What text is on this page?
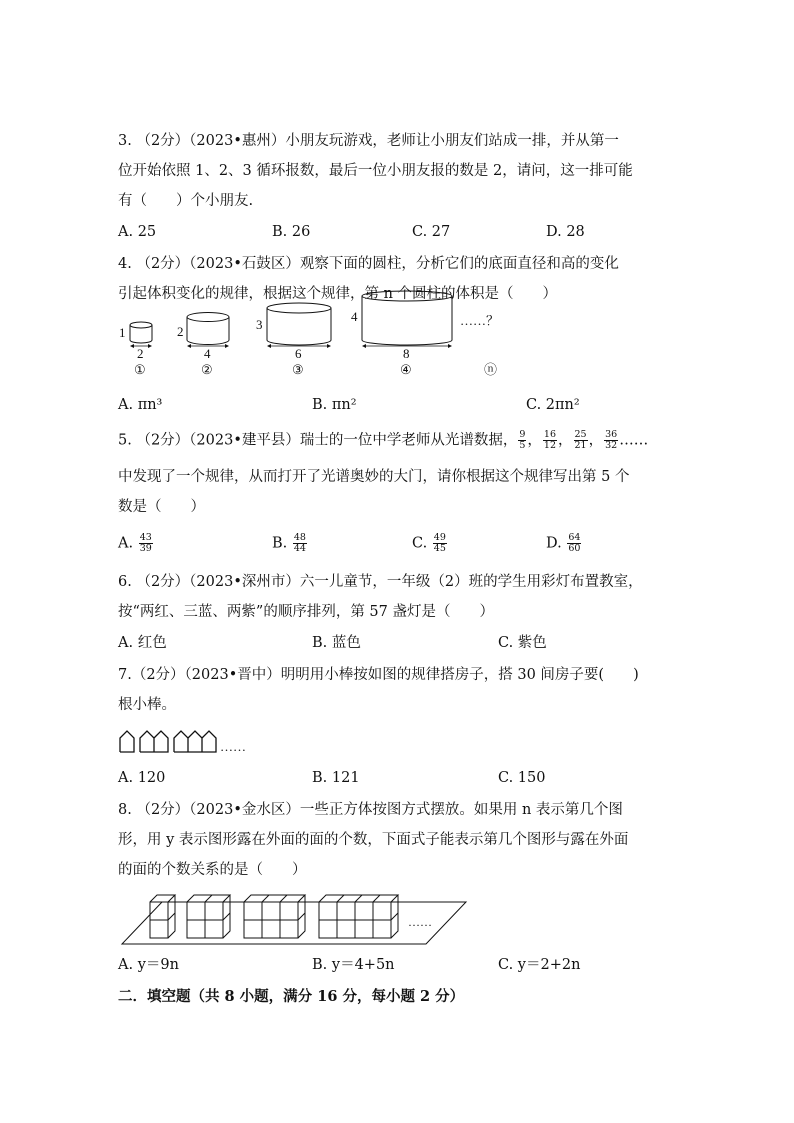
3. （2分）（2023•惠州）小朋友玩游戏，老师让小朋友们站成一排，并从第一
位开始依照 1、2、3 循环报数，最后一位小朋友报的数是 2，请问，这一排可能
有（　　）个小朋友.
A. 25	B. 26	C. 27	D. 28
4. （2分）（2023•石鼓区）观察下面的圆柱，分析它们的底面直径和高的变化
引起体积变化的规律，根据这个规律，第 n 个圆柱的体积是（　　）
1	2	3
4
2	4	6	8
①	②	③	④	ⓝ
……？
A. πn³	B. πn²	C. 2πn²
5. （2分）（2023•建平县）瑞士的一位中学老师从光谱数据， $\frac{9}{5}$ ， $\frac{16}{12}$ ， $\frac{25}{21}$ ， $\frac{36}{32}$ ……
中发现了一个规律，从而打开了光谱奥妙的大门，请你根据这个规律写出第 5 个
数是（　　）
A. $\frac{43}{39}$	B. $\frac{48}{44}$	C. $\frac{49}{45}$	D. $\frac{64}{60}$
6. （2分）（2023•深州市）六一儿童节，一年级（2）班的学生用彩灯布置教室，
按“两红、三蓝、两紫”的顺序排列，第 57 盏灯是（　　）
A. 红色	B. 蓝色	C. 紫色
7.（2分）（2023•晋中）明明用小棒按如图的规律搭房子，搭 30 间房子要(　　)
根小棒。
……
A. 120	B. 121	C. 150
8. （2分）（2023•金水区）一些正方体按图方式摆放。如果用 n 表示第几个图
形，用 y 表示图形露在外面的面的个数，下面式子能表示第几个图形与露在外面
的面的个数关系的是（　　）
……
A. y＝9n	B. y＝4+5n	C. y＝2+2n
二．填空题（共 8 小题，满分 16 分，每小题 2 分）
